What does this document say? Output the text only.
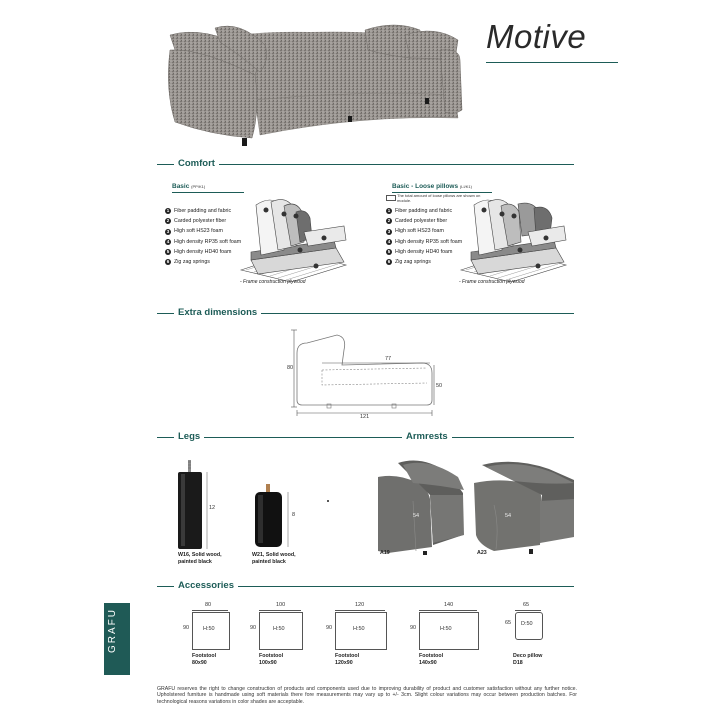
Motive
Comfort
Basic (PP/K1)
1 Fiber padding and fabric
2 Carded polyester fiber
3 High soft HS23 foam
4 High density RP35 soft foam
5 High density HD40 foam
6 Zig zag springs
- Frame construction plywood
Basic - Loose pillows (LI/K1)
The total amount of loose pillows are shown on module.
1 Fiber padding and fabric
2 Carded polyester fiber
3 High soft HS23 foam
4 High density RP35 soft foam
5 High density HD40 foam
6 Zig zag springs
- Frame construction plywood
Extra dimensions
80
77
50
121
Legs	Armrests
12
W16, Solid wood,
painted black
8
W21, Solid wood,
painted black
54
A19
54
A23
Accessories
80
90	H:50
Footstool
80x90
100
90	H:50
Footstool
100x90
120
90	H:50
Footstool
120x90
140
90	H:50
Footstool
140x90
65
65 D:50
Deco pillow
D18
GRAFU
GRAFU reserves the right to change construction of products and components used due to improving durability of product and customer satisfaction without any further notice. Upholstered furniture is handmade using soft materials there fore measurements may vary up to +/- 3cm. Slight colour variations may occur between production batches. For technological reasons variations in color shades are acceptable.
